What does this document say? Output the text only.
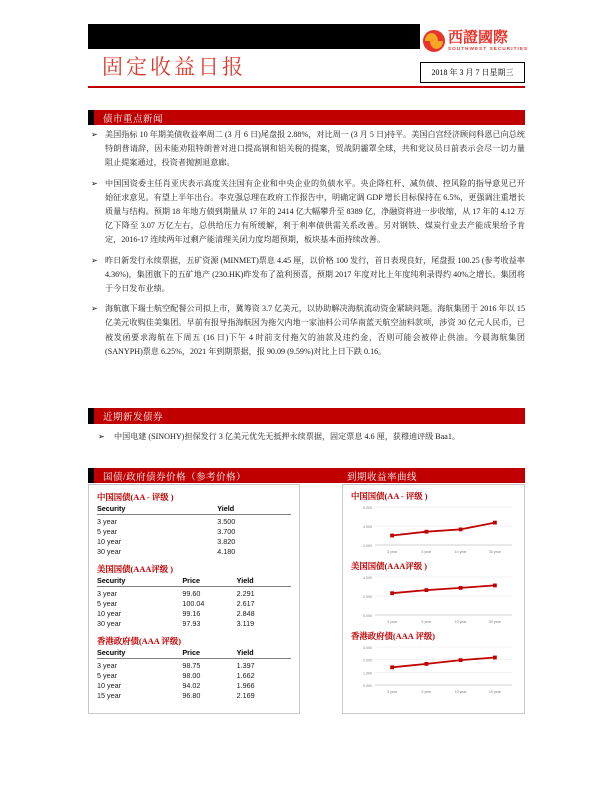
西證國際
SOUTHWEST SECURITIES
固定收益日报	2018 年 3 月 7 日星期三
债市重点新闻
➢ 美国指标 10 年期美债收益率周二 (3 月 6 日)尾盘报 2.88%，对比周一 (3 月 5 日)持平。美国白宫经济顾问科恩已向总统特朗普请辞，因未能劝阻特朗普对进口提高钢和铝关税的提案，贸战阴霾罩全球，共和党议员日前表示会尽一切力量阻止提案通过，投资者抛割退意廊。
➢ 中国国资委主任肖亚庆表示高度关注国有企业和中央企业的负债水平。央企降杠杆、减负债、控风险的指导意见已开始征求意见。有望上半年出台。李克强总理在政府工作报告中，明确定调 GDP 增长目标保持在 6.5%，更强调注重增长质量与结构。预期 18 年地方债到期量从 17 年的 2414 亿大幅攀升至 8389 亿，净融资将进一步收缩，从 17 年的 4.12 万亿下降至 3.07 万亿左右，总供给压力有所缓解，利于利率债供需关系改善。另对钢铁、煤炭行业去产能成果给予肯定，2016-17 连续两年过剩产能清理关闭力度均超预期，板块基本面持续改善。
➢ 昨日新发行永续票据，五矿资源 (MINMET)票息 4.45 厘，以价格 100 发行，首日表现良好，尾盘报 100.25 (参考收益率 4.36%)，集团旗下的五矿地产 (230.HK)昨发布了盈利预喜，预期 2017 年度对比上年度纯利录得约 40%之增长。集团将于今日发布业绩。
➢ 海航旗下瑞士航空配餐公司拟上市，冀筹资 3.7 亿美元，以协助解决海航流动资金紧缺问题。海航集团于 2016 年以 15 亿美元收购佳美集团。早前有报导指海航因为拖欠内地一家油料公司华南蓝天航空油料款项，涉资 30 亿元人民币，已被发函要求海航在下周五 (16 日)下午 4 时前支付拖欠的油款及违约金，否则可能会被停止供油。今晨海航集团 (SANYPH)票息 6.25%，2021 年到期票据，报 90.09 (9.59%)对比上日下跌 0.16。
近期新发债券
➢	中国电建 (SINOHY)担保发行 3 亿美元优先无抵押永续票据，固定票息 4.6 厘，获穆迪评级 Baa1。
国债/政府债券价格（参考价格）	到期收益率曲线
中国国债(AA - 评级 )
Security	Yield
3 year	3.500
5 year	3.700
10 year	3.820
30 year	4.180
美国国债(AAA评级 )
Security	Price	Yield
3 year	99.60	2.291
5 year	100.04	2.617
10 year	99.16	2.848
30 year	97.93	3.119
香港政府债(AAA 评级)
Security	Price	Yield
3 year	98.75	1.397
5 year	98.00	1.662
10 year	94.02	1.966
15 year	96.80	2.169
中国国债(AA - 评级 )
3.000
4.000
5.000
3 year	5 year	10 year	30 year
美国国债(AAA评级 )
0.000
2.000
4.000
3 year	5 year	10 year	30 year
香港政府债(AAA 评级)
0.000
1.000
2.000
3.000
3 year	5 year	10 year	15 year
